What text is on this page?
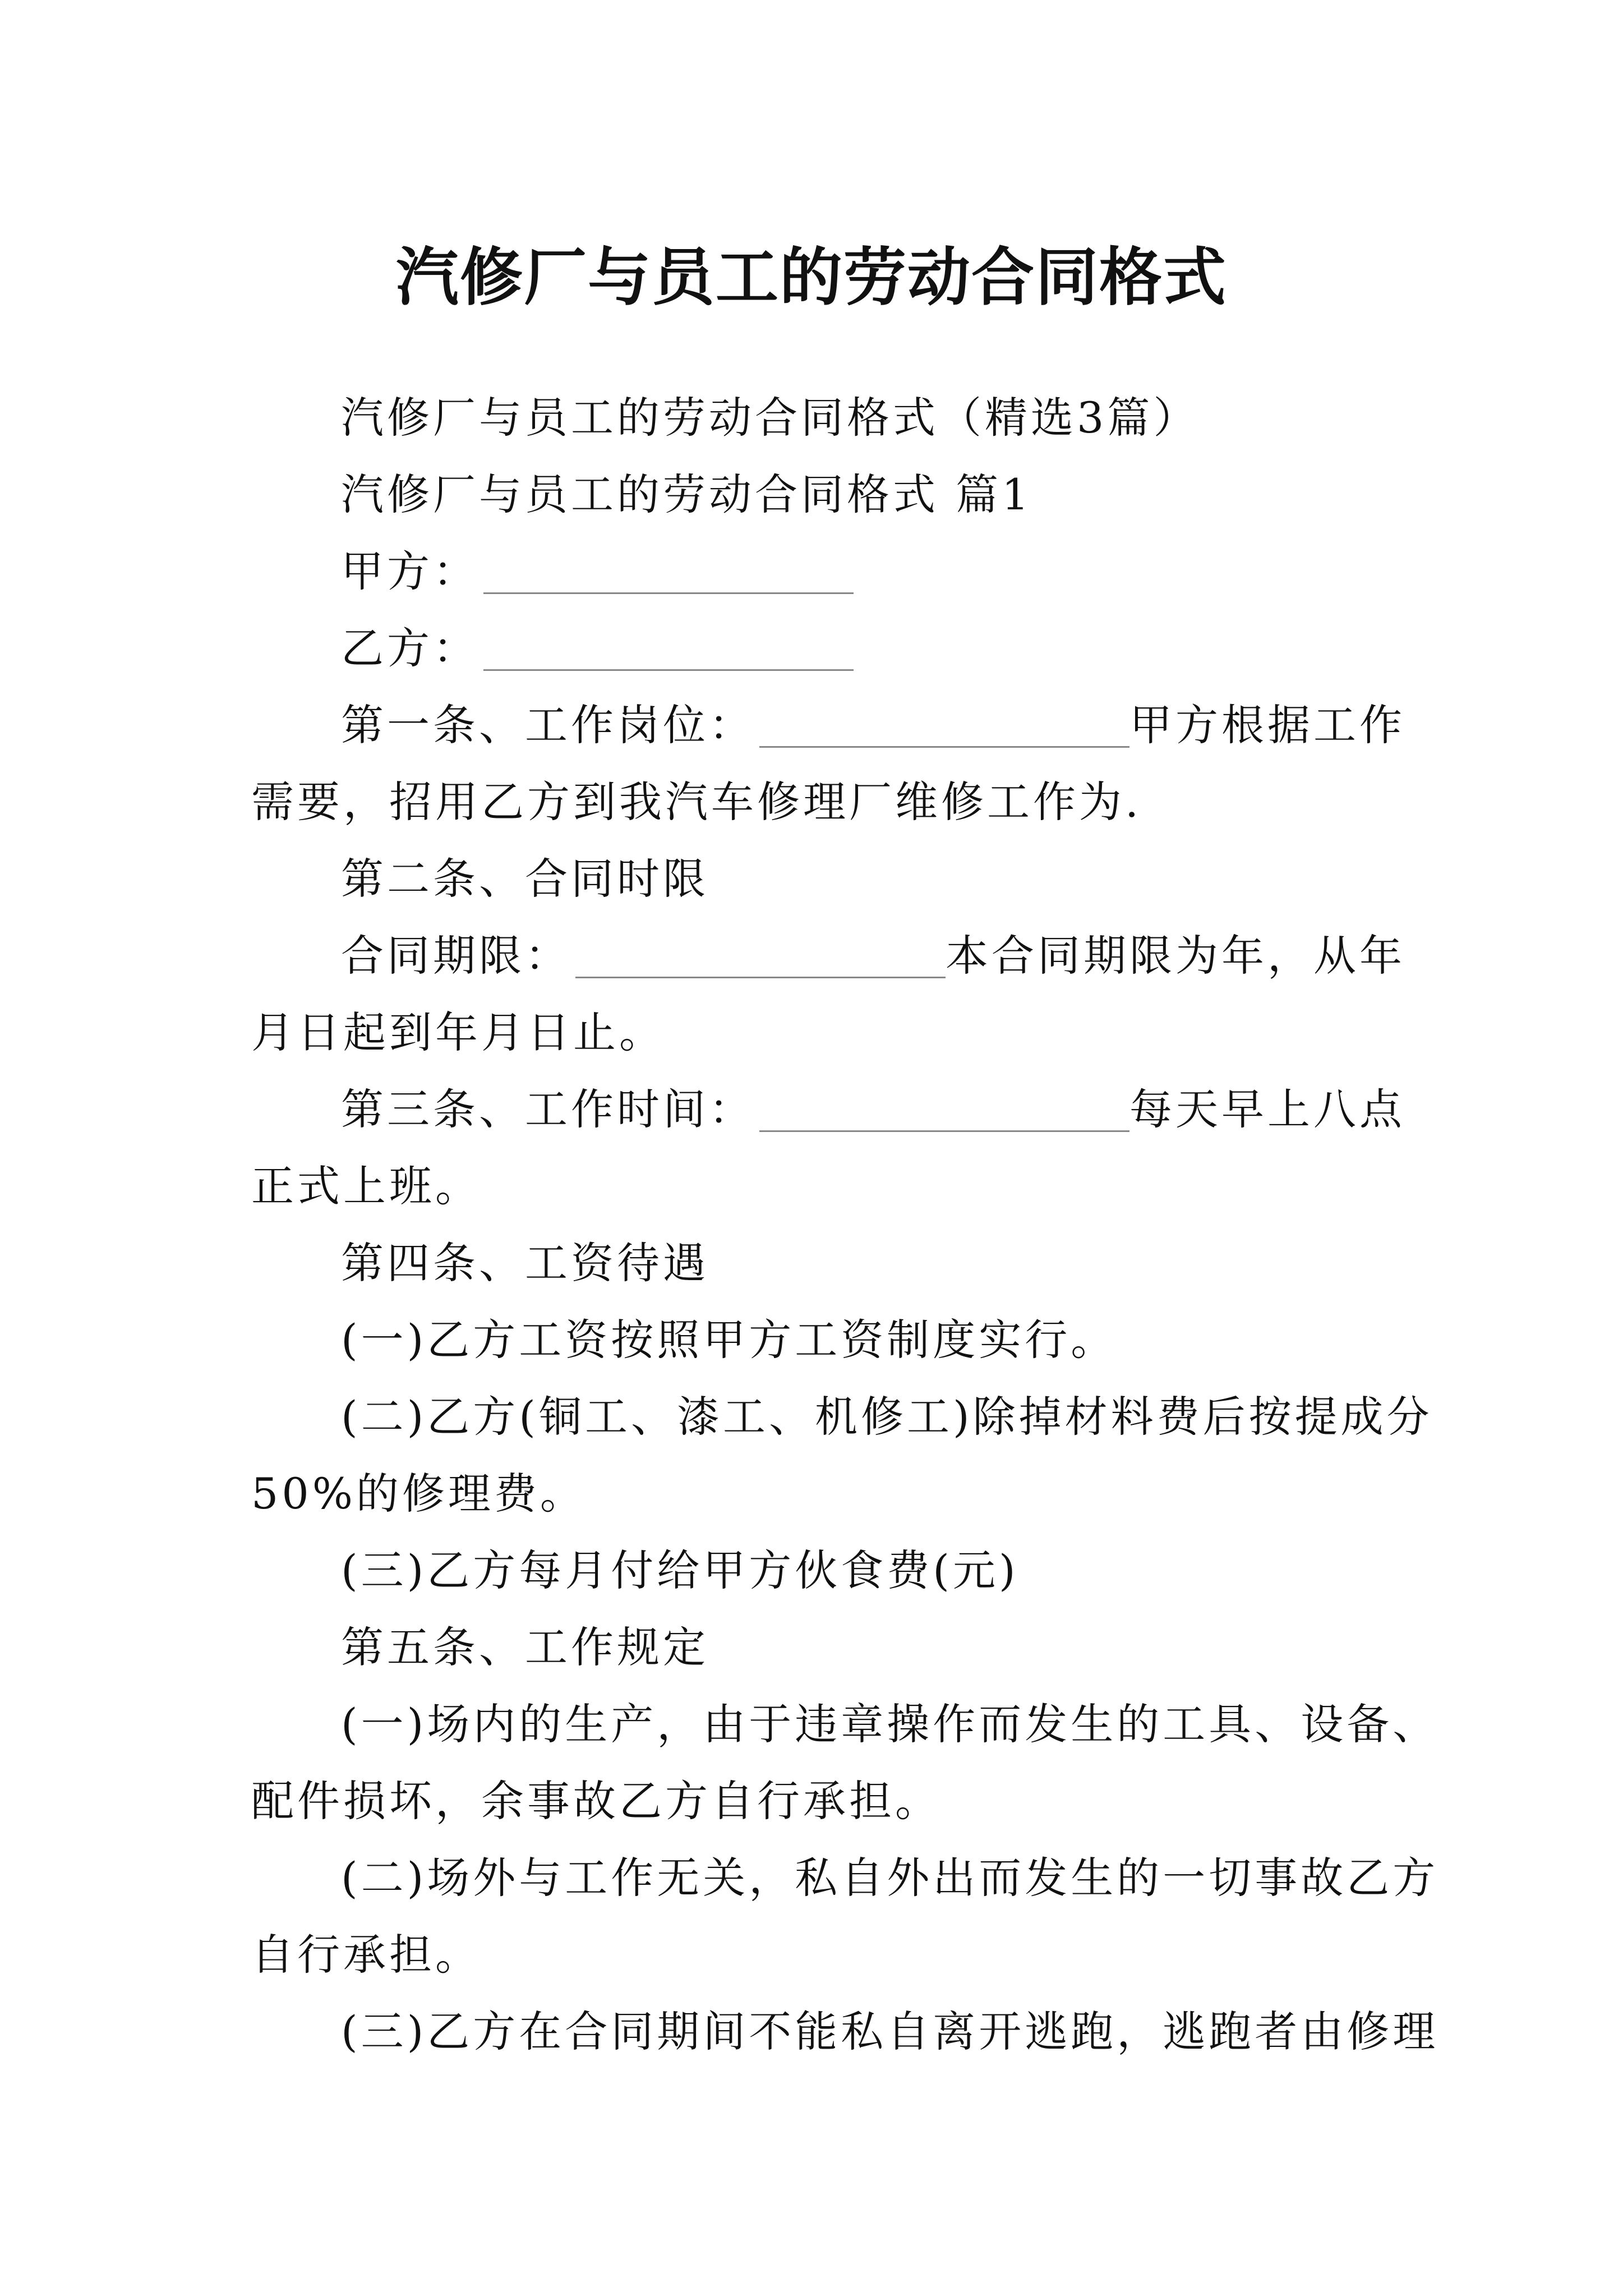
汽修厂与员工的劳动合同格式

汽修厂与员工的劳动合同格式（精选3篇）

汽修厂与员工的劳动合同格式 篇1

甲方：

乙方：

第一条、工作岗位：	甲方根据工作

需要，招用乙方到我汽车修理厂维修工作为.

第二条、合同时限

合同期限：	本合同期限为年，从年

月日起到年月日止。

第三条、工作时间：	每天早上八点

正式上班。

第四条、工资待遇

(一)乙方工资按照甲方工资制度实行。

(二)乙方(铜工、漆工、机修工)除掉材料费后按提成分

50%的修理费。

(三)乙方每月付给甲方伙食费(元)

第五条、工作规定

(一)场内的生产，由于违章操作而发生的工具、设备、

配件损坏，余事故乙方自行承担。

(二)场外与工作无关，私自外出而发生的一切事故乙方

自行承担。

(三)乙方在合同期间不能私自离开逃跑，逃跑者由修理
